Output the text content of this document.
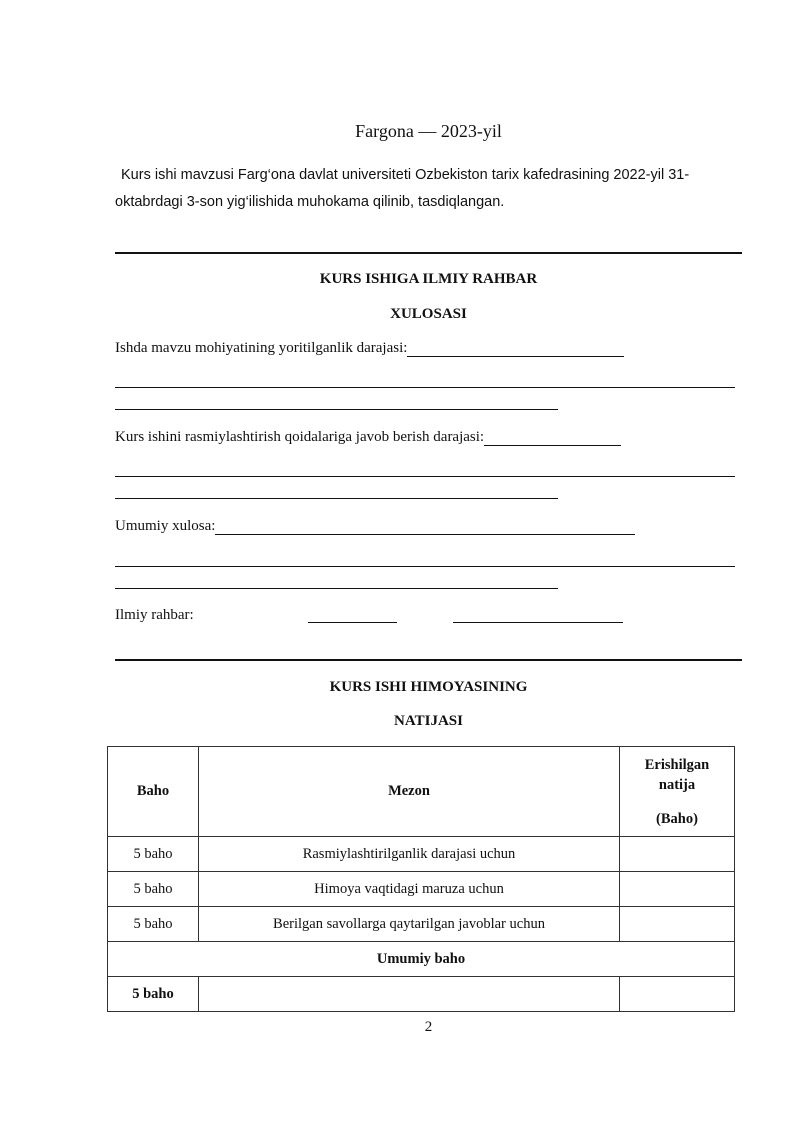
Fargona — 2023-yil
Kurs ishi mavzusi Farg‘ona davlat universiteti Ozbekiston tarix kafedrasining 2022-yil 31-
oktabrdagi 3-son yig‘ilishida muhokama qilinib, tasdiqlangan.
KURS ISHIGA ILMIY RAHBAR
XULOSASI
Ishda mavzu mohiyatining yoritilganlik darajasi:
Kurs ishini rasmiylashtirish qoidalariga javob berish darajasi:
Umumiy xulosa:
Ilmiy rahbar:
KURS ISHI HIMOYASINING
NATIJASI
Baho	Mezon	Erishilgan
natija
(Baho)

5 baho	Rasmiylashtirilganlik darajasi uchun	
5 baho	Himoya vaqtidagi maruza uchun	
5 baho	Berilgan savollarga qaytarilgan javoblar uchun	
Umumiy baho		
5 baho		
2
